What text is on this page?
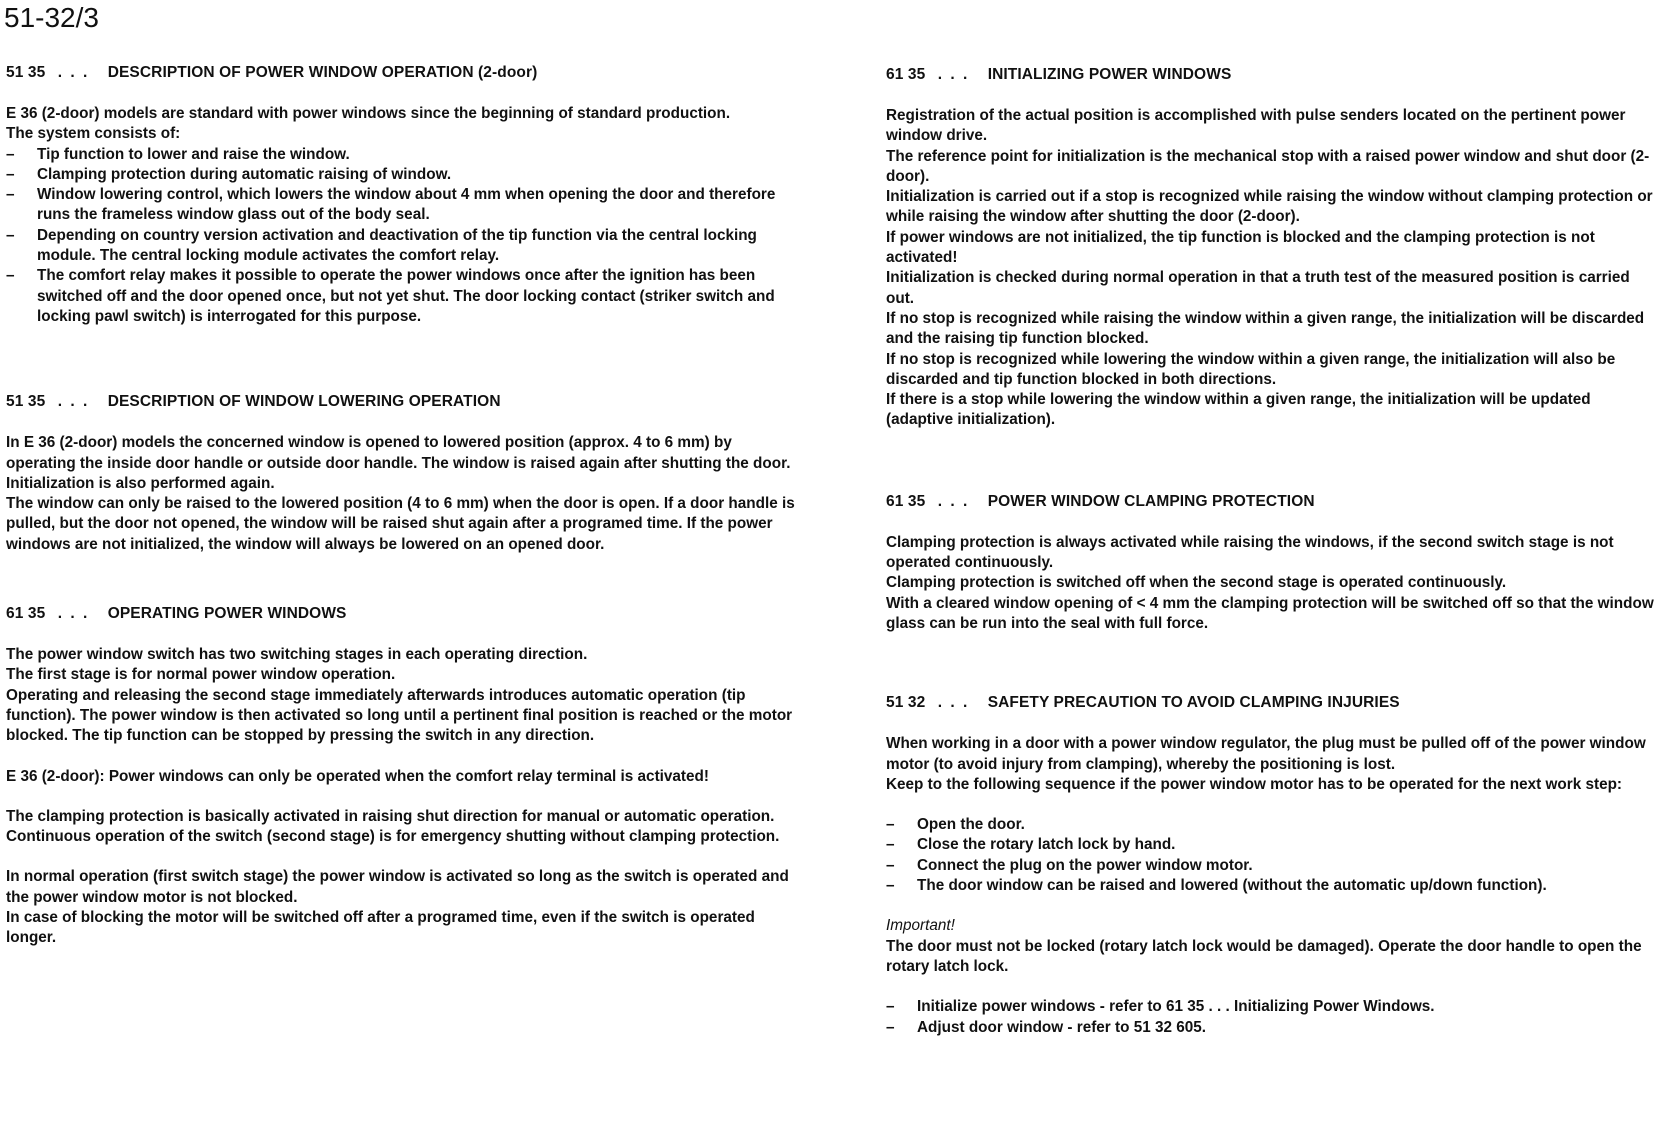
51-32/3
51 35 . . . DESCRIPTION OF POWER WINDOW OPERATION (2-door)

E 36 (2-door) models are standard with power windows since the beginning of standard production.

The system consists of:

– Tip function to lower and raise the window.
– Clamping protection during automatic raising of window.
– Window lowering control, which lowers the window about 4 mm when opening the door and therefore runs the frameless window glass out of the body seal.
– Depending on country version activation and deactivation of the tip function via the central locking module. The central locking module activates the comfort relay.
– The comfort relay makes it possible to operate the power windows once after the ignition has been switched off and the door opened once, but not yet shut. The door locking contact (striker switch and locking pawl switch) is interrogated for this purpose.
51 35 . . . DESCRIPTION OF WINDOW LOWERING OPERATION

In E 36 (2-door) models the concerned window is opened to lowered position (approx. 4 to 6 mm) by operating the inside door handle or outside door handle. The window is raised again after shutting the door. Initialization is also performed again.

The window can only be raised to the lowered position (4 to 6 mm) when the door is open. If a door handle is pulled, but the door not opened, the window will be raised shut again after a programed time. If the power windows are not initialized, the window will always be lowered on an opened door.

61 35 . . . OPERATING POWER WINDOWS

The power window switch has two switching stages in each operating direction.

The first stage is for normal power window operation.

Operating and releasing the second stage immediately afterwards introduces automatic operation (tip function). The power window is then activated so long until a pertinent final position is reached or the motor blocked. The tip function can be stopped by pressing the switch in any direction.

E 36 (2-door): Power windows can only be operated when the comfort relay terminal is activated!

The clamping protection is basically activated in raising shut direction for manual or automatic operation.

Continuous operation of the switch (second stage) is for emergency shutting without clamping protection.

In normal operation (first switch stage) the power window is activated so long as the switch is operated and the power window motor is not blocked.

In case of blocking the motor will be switched off after a programed time, even if the switch is operated longer.

61 35 . . . INITIALIZING POWER WINDOWS

Registration of the actual position is accomplished with pulse senders located on the pertinent power window drive.

The reference point for initialization is the mechanical stop with a raised power window and shut door (2-door).

Initialization is carried out if a stop is recognized while raising the window without clamping protection or while raising the window after shutting the door (2-door).

If power windows are not initialized, the tip function is blocked and the clamping protection is not activated!

Initialization is checked during normal operation in that a truth test of the measured position is carried out.

If no stop is recognized while raising the window within a given range, the initialization will be discarded and the raising tip function blocked.

If no stop is recognized while lowering the window within a given range, the initialization will also be discarded and tip function blocked in both directions.

If there is a stop while lowering the window within a given range, the initialization will be updated (adaptive initialization).

61 35 . . . POWER WINDOW CLAMPING PROTECTION

Clamping protection is always activated while raising the windows, if the second switch stage is not operated continuously.

Clamping protection is switched off when the second stage is operated continuously.

With a cleared window opening of < 4 mm the clamping protection will be switched off so that the window glass can be run into the seal with full force.

51 32 . . . SAFETY PRECAUTION TO AVOID CLAMPING INJURIES

When working in a door with a power window regulator, the plug must be pulled off of the power window motor (to avoid injury from clamping), whereby the positioning is lost.

Keep to the following sequence if the power window motor has to be operated for the next work step:

– Open the door.
– Close the rotary latch lock by hand.
– Connect the plug on the power window motor.
– The door window can be raised and lowered (without the automatic up/down function).

Important!

The door must not be locked (rotary latch lock would be damaged). Operate the door handle to open the rotary latch lock.

– Initialize power windows - refer to 61 35 . . . Initializing Power Windows.
– Adjust door window - refer to 51 32 605.
